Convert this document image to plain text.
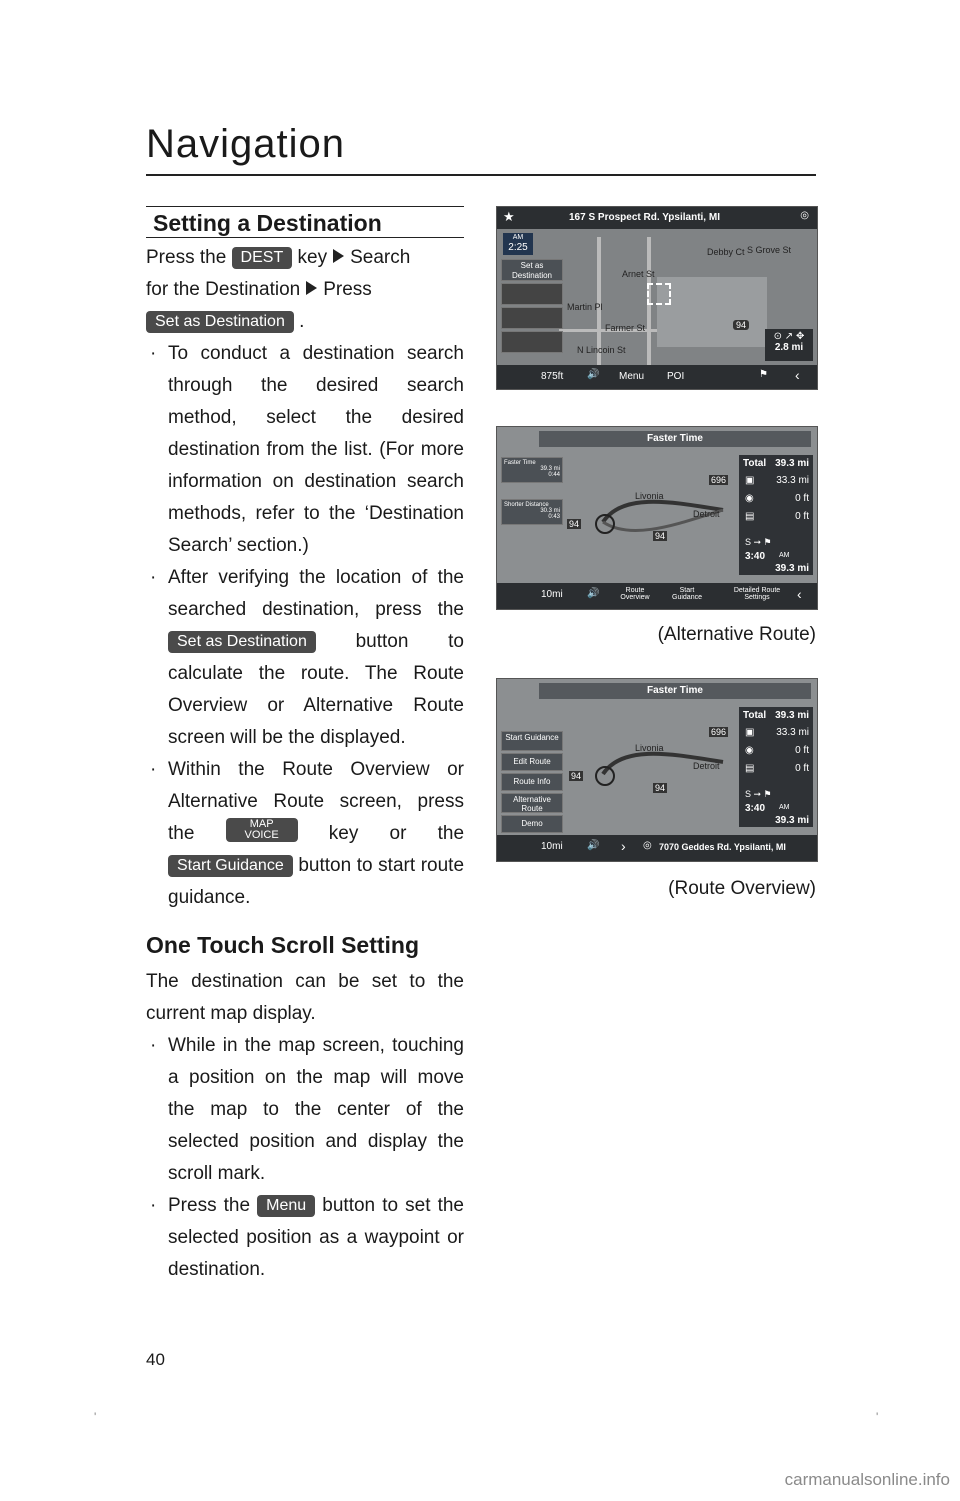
Navigation
Setting a Destination

Press the DEST key Search

for the Destination Press

Set as Destination .

· To conduct a destination search through the desired search method, select the desired destination from the list. (For more information on destination search methods, refer to the ‘Destination Search’ section.)

· After verifying the location of the searched destination, press the Set as Destination	button to calculate the route. The Route Overview or Alternative Route screen will be the displayed.

· Within the Route Overview or Alternative Route screen, press the	MAP VOICE	key or the Start Guidance button to start route guidance.

One Touch Scroll Setting

The destination can be set to the current map display.

· While in the map screen, touching a position on the map will move the map to the center of the selected position and display the scroll mark.

· Press the Menu button to set the selected position as a waypoint or destination.

★	167 S Prospect Rd. Ypsilanti, MI	◎
AM
2:25
Set as Destination	Arnet St
Farmer St
N Lincoin St
S Grove St
Martin Pl
Debby Ct
94
⊙ ↗ ✥
2.8 mi
875ft 🔊 Menu POI	⚑ ‹
Faster Time
Faster Time
39.3 mi
0:44
Shorter Distance
30.3 mi
0:43
Livonia
Detroit
696
94
94
Total 39.3 mi
▣ 33.3 mi
◉	0 ft
▤	0 ft
S ➞ ⚑
3:40 AM
39.3 mi
10mi 🔊	Route Overview
Start Guidance
Detailed Route Settings	‹
(Alternative Route)
Faster Time
Start Guidance
Edit Route
Route Info
Alternative Route
Demo
Livonia
Detroit
696
94
94
Total 39.3 mi
▣ 33.3 mi
◉	0 ft
▤	0 ft
S ➞ ⚑
3:40 AM
39.3 mi
10mi 🔊 › ◎ 7070 Geddes Rd. Ypsilanti, MI
(Route Overview)
40
'	'
carmanualsonline.info
